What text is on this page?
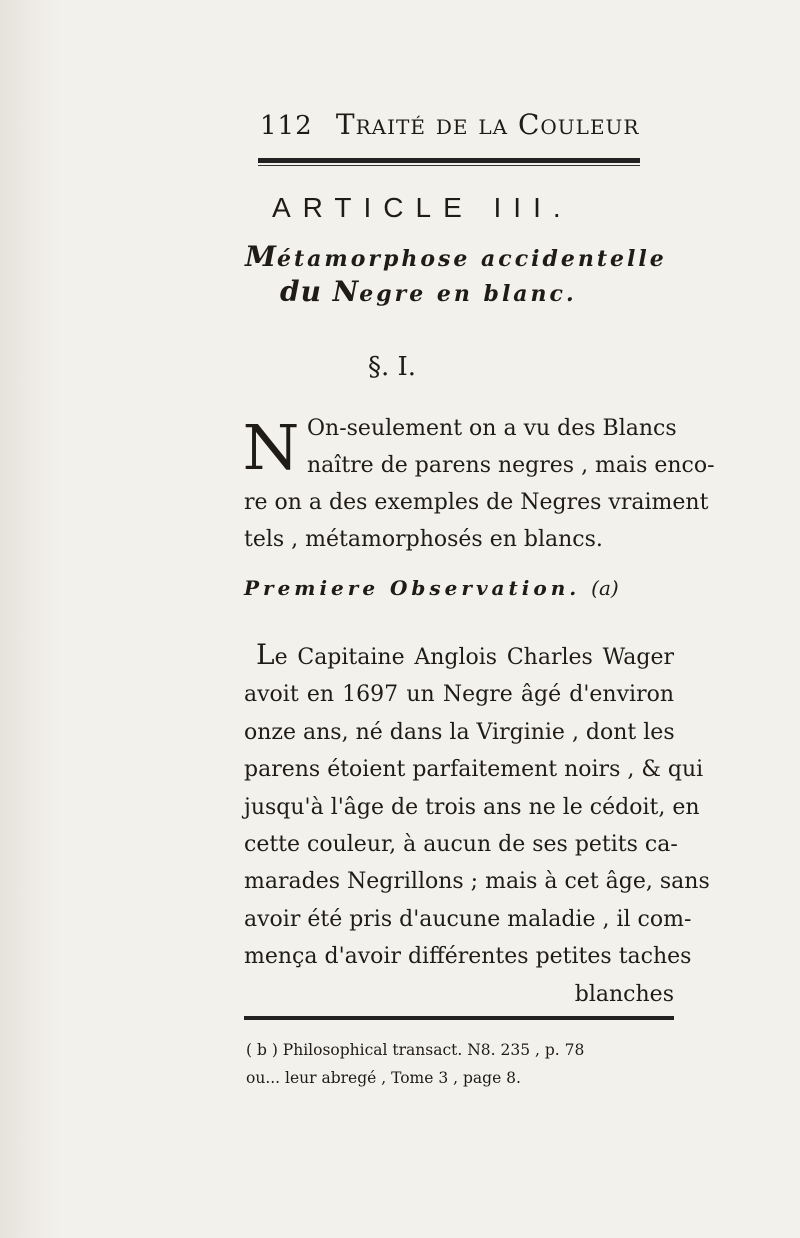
112 Traité de la Couleur
ARTICLE III.
Métamorphose accidentelle
du Negre en blanc.
§. I.
N On-seulement on a vu des Blancs
naître de parens negres , mais enco-
re on a des exemples de Negres vraiment
tels , métamorphosés en blancs.
Premiere Observation. (a)
Le Capitaine Anglois Charles Wager
avoit en 1697 un Negre âgé d'environ
onze ans, né dans la Virginie , dont les
parens étoient parfaitement noirs , & qui
jusqu'à l'âge de trois ans ne le cédoit, en
cette couleur, à aucun de ses petits ca-
marades Negrillons ; mais à cet âge, sans
avoir été pris d'aucune maladie , il com-
mença d'avoir différentes petites taches
blanches
( b ) Philosophical transact. N8. 235 , p. 78
ou... leur abregé , Tome 3 , page 8.
